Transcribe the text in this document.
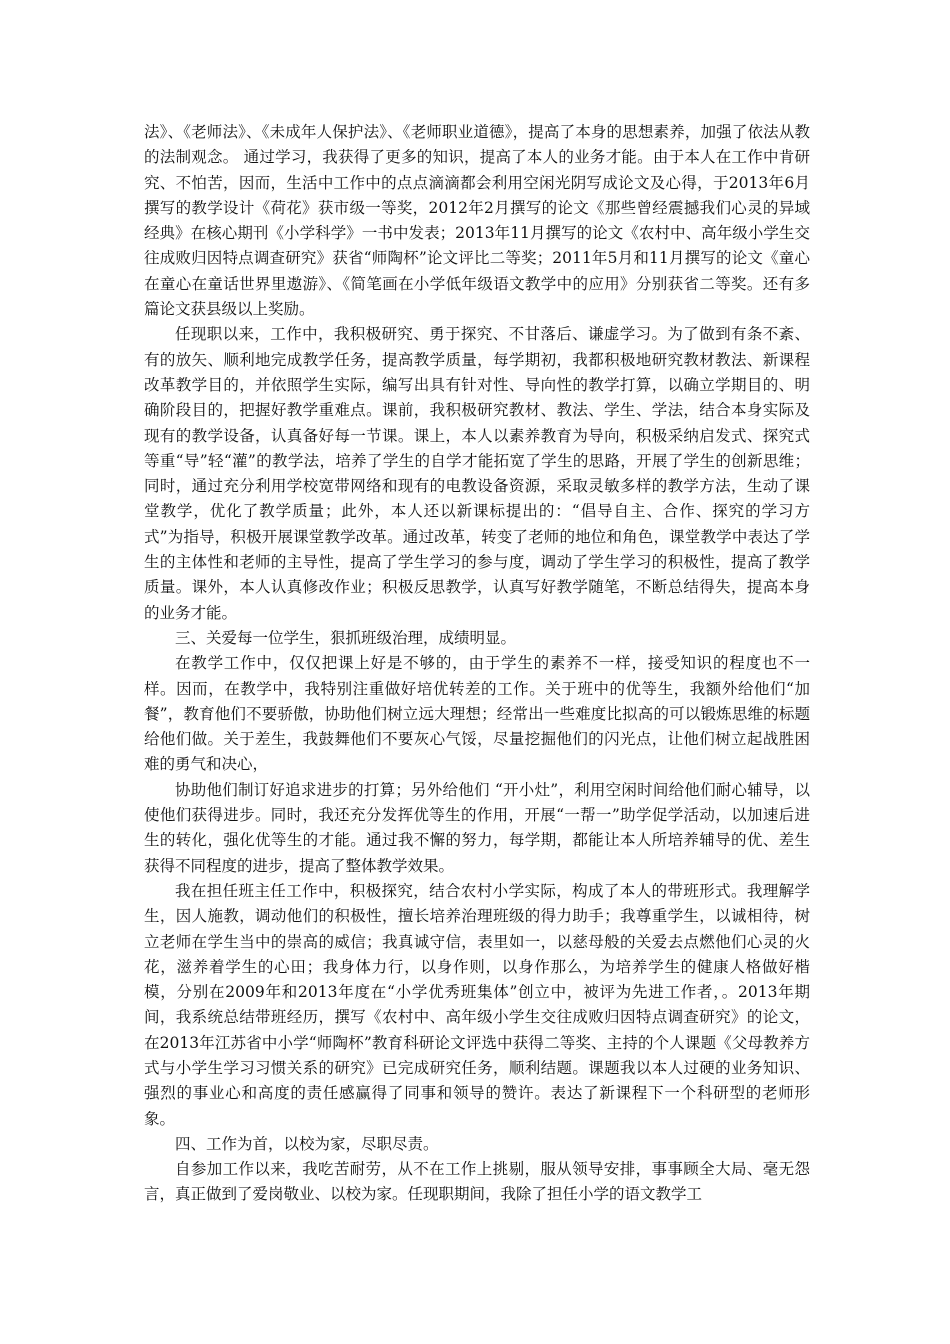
法》、《老师法》、《未成年人保护法》、《老师职业道德》，提高了本身的思想素养，加强了依法从教的法制观念。 通过学习，我获得了更多的知识，提高了本人的业务才能。由于本人在工作中肯研究、不怕苦，因而，生活中工作中的点点滴滴都会利用空闲光阴写成论文及心得，于2013年6月撰写的教学设计《荷花》获市级一等奖，2012年2月撰写的论文《那些曾经震撼我们心灵的异域经典》在核心期刊《小学科学》一书中发表；2013年11月撰写的论文《农村中、高年级小学生交往成败归因特点调查研究》获省“师陶杯”论文评比二等奖；2011年5月和11月撰写的论文《童心在童心在童话世界里遨游》、《简笔画在小学低年级语文教学中的应用》分别获省二等奖。还有多篇论文获县级以上奖励。

任现职以来，工作中，我积极研究、勇于探究、不甘落后、谦虚学习。为了做到有条不紊、有的放矢、顺利地完成教学任务，提高教学质量，每学期初，我都积极地研究教材教法、新课程改革教学目的，并依照学生实际，编写出具有针对性、导向性的教学打算，以确立学期目的、明确阶段目的，把握好教学重难点。课前，我积极研究教材、教法、学生、学法，结合本身实际及现有的教学设备，认真备好每一节课。课上，本人以素养教育为导向，积极采纳启发式、探究式等重“导”轻“灌”的教学法，培养了学生的自学才能拓宽了学生的思路，开展了学生的创新思维；同时，通过充分利用学校宽带网络和现有的电教设备资源，采取灵敏多样的教学方法，生动了课堂教学，优化了教学质量；此外，本人还以新课标提出的：“倡导自主、合作、探究的学习方式”为指导，积极开展课堂教学改革。通过改革，转变了老师的地位和角色，课堂教学中表达了学生的主体性和老师的主导性，提高了学生学习的参与度，调动了学生学习的积极性，提高了教学质量。课外，本人认真修改作业；积极反思教学，认真写好教学随笔，不断总结得失，提高本身的业务才能。

三、关爱每一位学生，狠抓班级治理，成绩明显。

在教学工作中，仅仅把课上好是不够的，由于学生的素养不一样，接受知识的程度也不一样。因而，在教学中，我特别注重做好培优转差的工作。关于班中的优等生，我额外给他们“加餐”，教育他们不要骄傲，协助他们树立远大理想；经常出一些难度比拟高的可以锻炼思维的标题给他们做。关于差生，我鼓舞他们不要灰心气馁，尽量挖掘他们的闪光点，让他们树立起战胜困难的勇气和决心，

协助他们制订好追求进步的打算；另外给他们 “开小灶”，利用空闲时间给他们耐心辅导，以使他们获得进步。同时，我还充分发挥优等生的作用，开展“一帮一”助学促学活动，以加速后进生的转化，强化优等生的才能。通过我不懈的努力，每学期，都能让本人所培养辅导的优、差生获得不同程度的进步，提高了整体教学效果。

我在担任班主任工作中，积极探究，结合农村小学实际，构成了本人的带班形式。我理解学生，因人施教，调动他们的积极性，擅长培养治理班级的得力助手；我尊重学生，以诚相待，树立老师在学生当中的崇高的威信；我真诚守信，表里如一，以慈母般的关爱去点燃他们心灵的火花，滋养着学生的心田；我身体力行，以身作则，以身作那么，为培养学生的健康人格做好楷模，分别在2009年和2013年度在“小学优秀班集体”创立中，被评为先进工作者，。2013年期间，我系统总结带班经历，撰写《农村中、高年级小学生交往成败归因特点调查研究》的论文，在2013年江苏省中小学“师陶杯”教育科研论文评选中获得二等奖、主持的个人课题《父母教养方式与小学生学习习惯关系的研究》已完成研究任务，顺利结题。课题我以本人过硬的业务知识、强烈的事业心和高度的责任感赢得了同事和领导的赞许。表达了新课程下一个科研型的老师形象。

四、工作为首，以校为家，尽职尽责。

自参加工作以来，我吃苦耐劳，从不在工作上挑剔，服从领导安排，事事顾全大局、毫无怨言，真正做到了爱岗敬业、以校为家。任现职期间，我除了担任小学的语文教学工
